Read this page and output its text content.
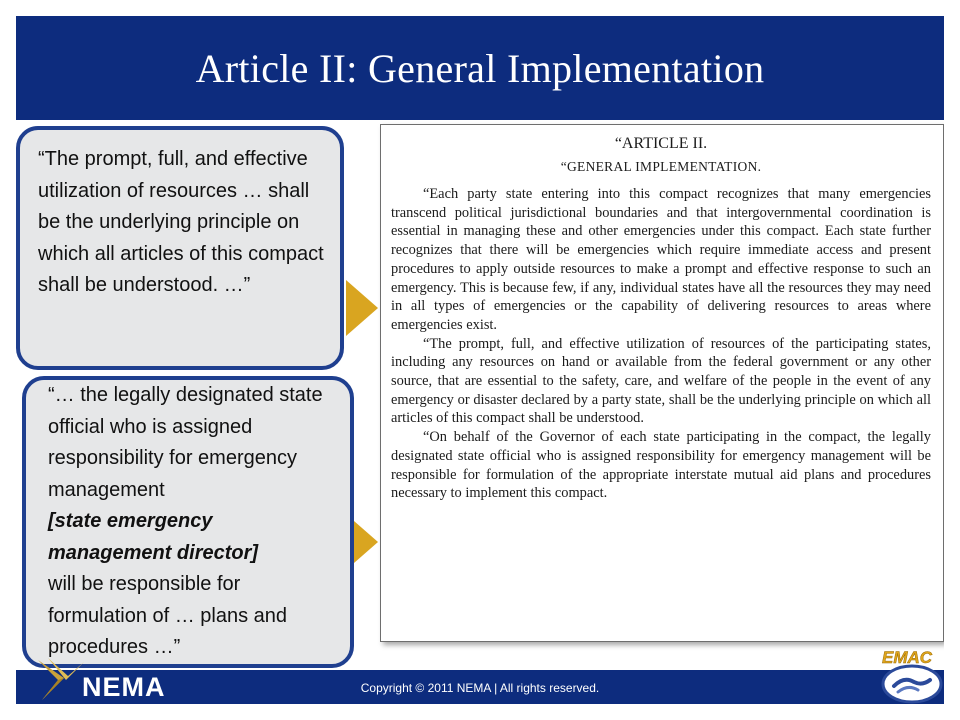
Article II: General Implementation

“ARTICLE II.

“GENERAL IMPLEMENTATION.

“Each party state entering into this compact recognizes that many emergencies transcend political jurisdictional boundaries and that intergovernmental coordination is essential in managing these and other emergencies under this compact. Each state further recognizes that there will be emergencies which require immediate access and present procedures to apply outside resources to make a prompt and effective response to such an emergency. This is because few, if any, individual states have all the resources they may need in all types of emergencies or the capability of delivering resources to areas where emergencies exist.

“The prompt, full, and effective utilization of resources of the participating states, including any resources on hand or available from the federal government or any other source, that are essential to the safety, care, and welfare of the people in the event of any emergency or disaster declared by a party state, shall be the underlying principle on which all articles of this compact shall be understood.

“On behalf of the Governor of each state participating in the compact, the legally designated state official who is assigned responsibility for emergency management will be responsible for formulation of the appropriate interstate mutual aid plans and procedures necessary to implement this compact.

“The prompt, full, and effective utilization of resources … shall be the underlying principle on which all articles of this compact shall be understood. …”
“… the legally designated state official who is assigned responsibility for emergency management
[state emergency management director]
will be responsible for formulation of … plans and procedures …”
NEMA	Copyright © 2011 NEMA | All rights reserved.
EMAC
